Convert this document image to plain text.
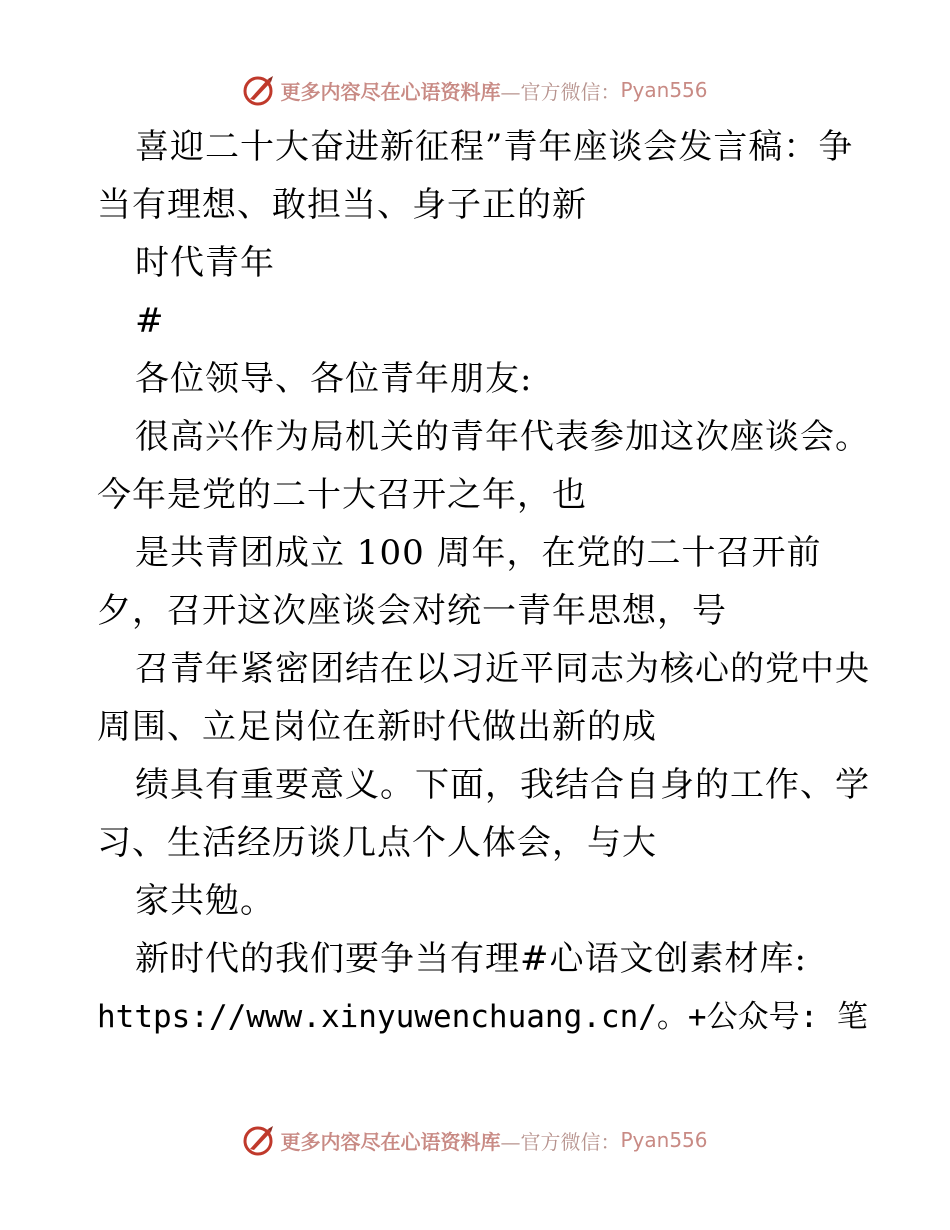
更多内容尽在心语资料库 —官方微信： Pyan556
喜迎二十大奋进新征程”青年座谈会发言稿：争
当有理想、敢担当、身子正的新
时代青年
#
各位领导、各位青年朋友:
很高兴作为局机关的青年代表参加这次座谈会。
今年是党的二十大召开之年，也
是共青团成立 100 周年，在党的二十召开前
夕，召开这次座谈会对统一青年思想，号
召青年紧密团结在以习近平同志为核心的党中央
周围、立足岗位在新时代做出新的成
绩具有重要意义。下面，我结合自身的工作、学
习、生活经历谈几点个人体会，与大
家共勉。
新时代的我们要争当有理#心语文创素材库:
https://www.xinyuwenchuang.cn/。+公众号: 笔
更多内容尽在心语资料库 —官方微信： Pyan556
